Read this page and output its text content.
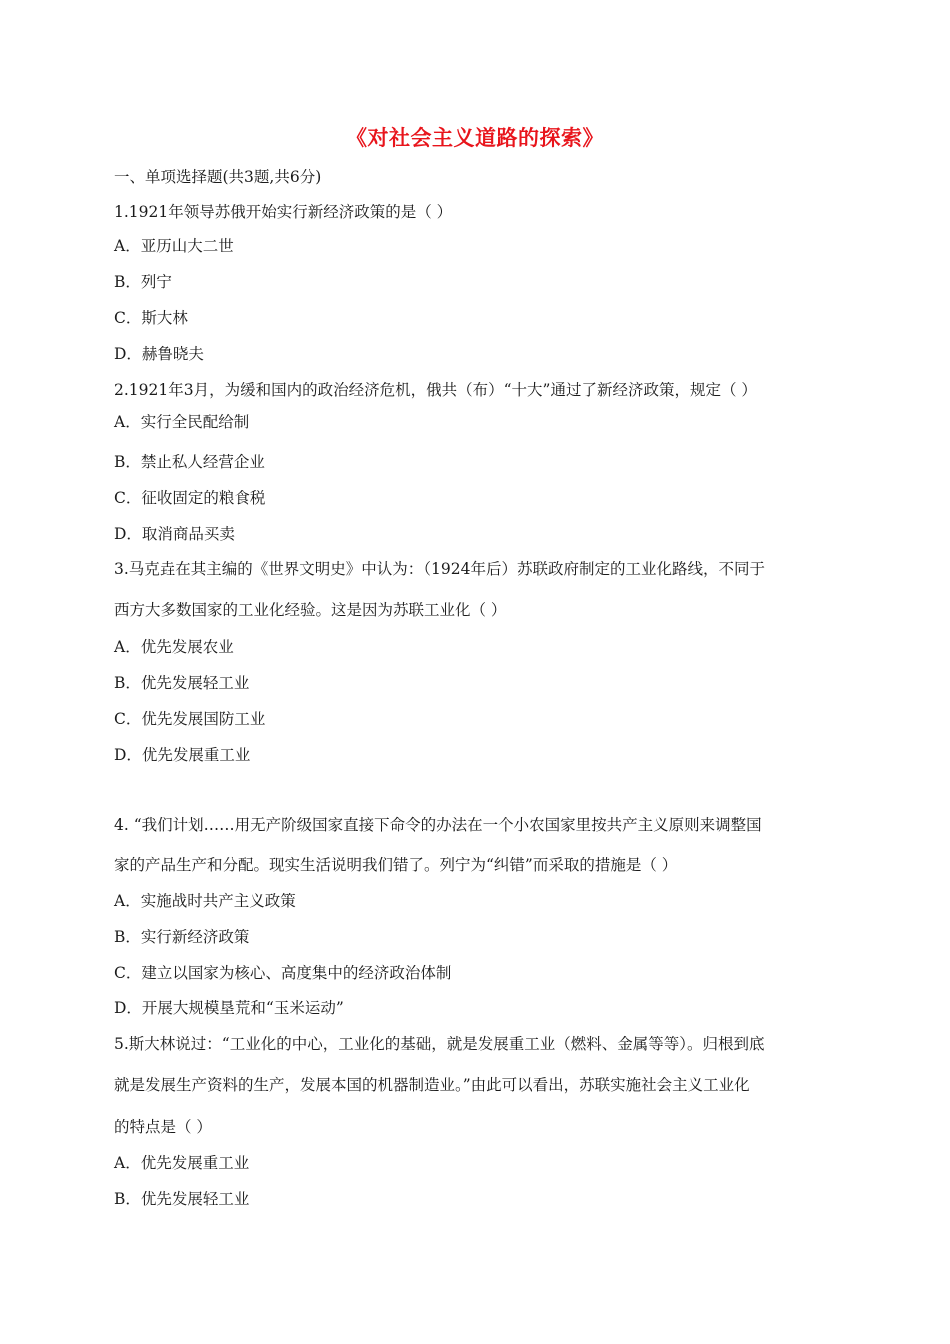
《对社会主义道路的探索》
一、单项选择题(共3题,共6分)
1.1921年领导苏俄开始实行新经济政策的是（ ）
A．亚历山大二世
B．列宁
C．斯大林
D．赫鲁晓夫
2.1921年3月，为缓和国内的政治经济危机，俄共（布）“十大”通过了新经济政策，规定（ ）
A．实行全民配给制
B．禁止私人经营企业
C．征收固定的粮食税
D．取消商品买卖
3.马克垚在其主编的《世界文明史》中认为：（1924年后）苏联政府制定的工业化路线，不同于
西方大多数国家的工业化经验。这是因为苏联工业化（ ）
A．优先发展农业
B．优先发展轻工业
C．优先发展国防工业
D．优先发展重工业
4. “我们计划……用无产阶级国家直接下命令的办法在一个小农国家里按共产主义原则来调整国
家的产品生产和分配。现实生活说明我们错了。列宁为“纠错”而采取的措施是（ ）
A．实施战时共产主义政策
B．实行新经济政策
C．建立以国家为核心、高度集中的经济政治体制
D．开展大规模垦荒和“玉米运动”
5.斯大林说过：“工业化的中心，工业化的基础，就是发展重工业（燃料、金属等等）。归根到底
就是发展生产资料的生产，发展本国的机器制造业。”由此可以看出，苏联实施社会主义工业化
的特点是（ ）
A．优先发展重工业
B．优先发展轻工业
